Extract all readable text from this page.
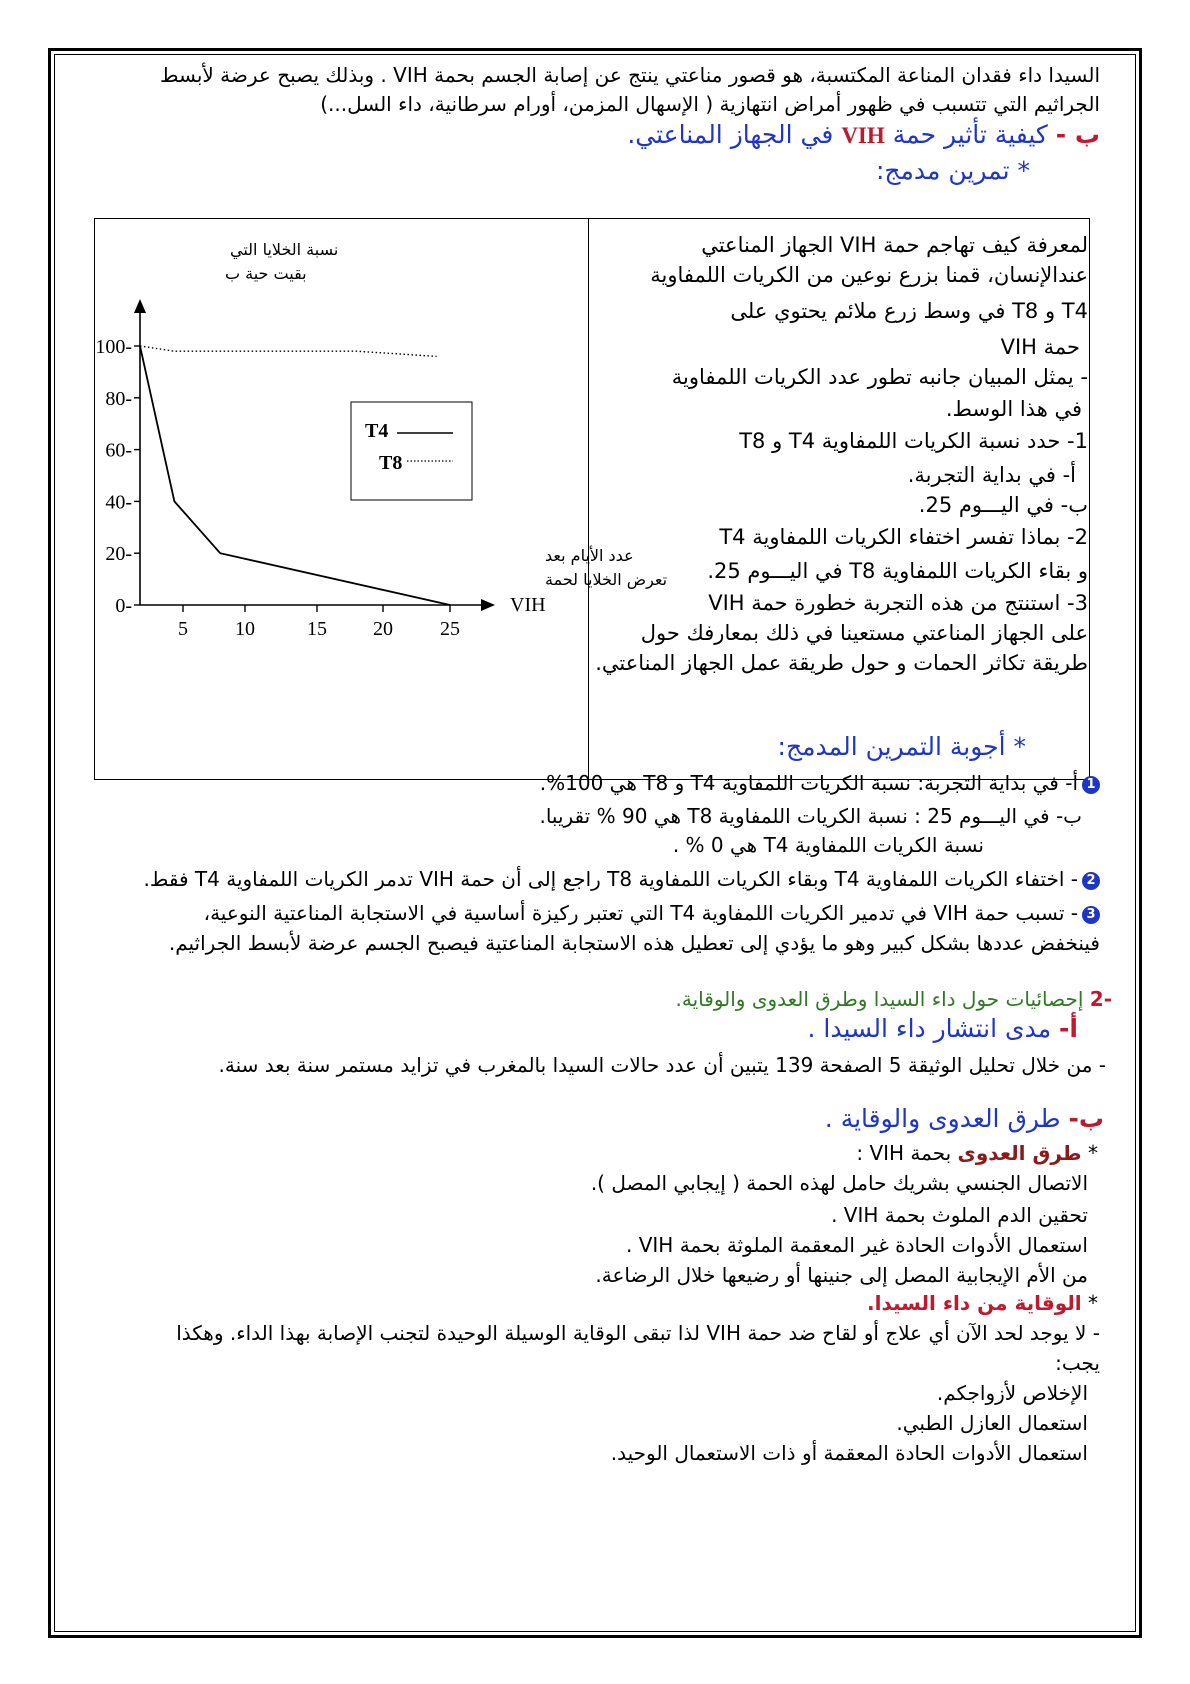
السيدا داء فقدان المناعة المكتسبة، هو قصور مناعتي ينتج عن إصابة الجسم بحمة VIH . وبذلك يصبح عرضة لأبسط
الجراثيم التي تتسبب في ظهور أمراض انتهازية ( الإسهال المزمن، أورام سرطانية، داء السل...)
ب - كيفية تأثير حمة VIH في الجهاز المناعتي.
* تمرين مدمج:
لمعرفة كيف تهاجم حمة VIH الجهاز المناعتي
عندالإنسان، قمنا بزرع نوعين من الكريات اللمفاوية
T4 و T8 في وسط زرع ملائم يحتوي على
حمة VIH
- يمثل المبيان جانبه تطور عدد الكريات اللمفاوية
في هذا الوسط.
1- حدد نسبة الكريات اللمفاوية T4 و T8
أ- في بداية التجربة.
ب- في اليـــوم 25.
2- بماذا تفسر اختفاء الكريات اللمفاوية T4
و بقاء الكريات اللمفاوية T8 في اليـــوم 25.
3- استنتج من هذه التجربة خطورة حمة VIH
على الجهاز المناعتي مستعينا في ذلك بمعارفك حول
طريقة تكاثر الحمات و حول طريقة عمل الجهاز المناعتي.
نسبة الخلايا التي
بقيت حية ب
عدد الأيام بعد
تعرض الخلايا لحمة
VIH
0-
20-
40-
60-
80-
100-
5 10	15 20 25
T4
T8
* أجوبة التمرين المدمج:
1أ- في بداية التجربة: نسبة الكريات اللمفاوية T4 و T8 هي 100%.
ب- في اليـــوم 25 : نسبة الكريات اللمفاوية T8 هي 90 % تقريبا.
نسبة الكريات اللمفاوية T4 هي 0 % .
2- اختفاء الكريات اللمفاوية T4 وبقاء الكريات اللمفاوية T8 راجع إلى أن حمة VIH تدمر الكريات اللمفاوية T4 فقط.
3- تسبب حمة VIH في تدمير الكريات اللمفاوية T4 التي تعتبر ركيزة أساسية في الاستجابة المناعتية النوعية،
فينخفض عددها بشكل كبير وهو ما يؤدي إلى تعطيل هذه الاستجابة المناعتية فيصبح الجسم عرضة لأبسط الجراثيم.
-2 إحصائيات حول داء السيدا وطرق العدوى والوقاية.
أ- مدى انتشار داء السيدا .
- من خلال تحليل الوثيقة 5 الصفحة 139 يتبين أن عدد حالات السيدا بالمغرب في تزايد مستمر سنة بعد سنة.
ب- طرق العدوى والوقاية .
* طرق العدوى بحمة VIH :
الاتصال الجنسي بشريك حامل لهذه الحمة ( إيجابي المصل ).
تحقين الدم الملوث بحمة VIH .
استعمال الأدوات الحادة غير المعقمة الملوثة بحمة VIH .
من الأم الإيجابية المصل إلى جنينها أو رضيعها خلال الرضاعة.
* الوقاية من داء السيدا.
- لا يوجد لحد الآن أي علاج أو لقاح ضد حمة VIH لذا تبقى الوقاية الوسيلة الوحيدة لتجنب الإصابة بهذا الداء. وهكذا
يجب:
الإخلاص لأزواجكم.
استعمال العازل الطبي.
استعمال الأدوات الحادة المعقمة أو ذات الاستعمال الوحيد.
